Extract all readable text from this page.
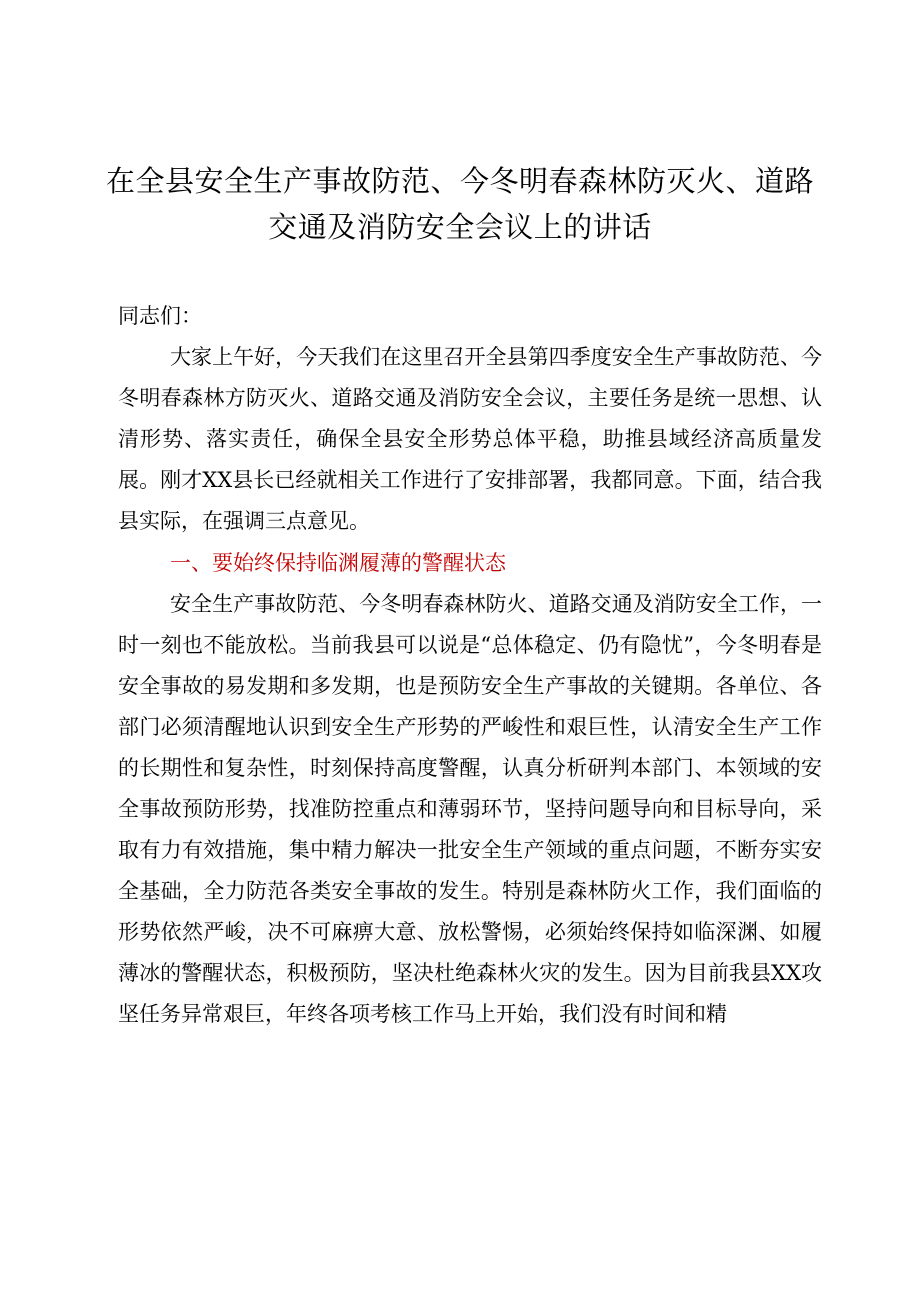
在全县安全生产事故防范、今冬明春森林防灭火、道路交通及消防安全会议上的讲话

同志们：

大家上午好，今天我们在这里召开全县第四季度安全生产事故防范、今冬明春森林方防灭火、道路交通及消防安全会议，主要任务是统一思想、认清形势、落实责任，确保全县安全形势总体平稳，助推县域经济高质量发展。刚才XX县长已经就相关工作进行了安排部署，我都同意。下面，结合我县实际，在强调三点意见。

一、要始终保持临渊履薄的警醒状态

安全生产事故防范、今冬明春森林防火、道路交通及消防安全工作，一时一刻也不能放松。当前我县可以说是“总体稳定、仍有隐忧”，今冬明春是安全事故的易发期和多发期，也是预防安全生产事故的关键期。各单位、各部门必须清醒地认识到安全生产形势的严峻性和艰巨性，认清安全生产工作的长期性和复杂性，时刻保持高度警醒，认真分析研判本部门、本领域的安全事故预防形势，找准防控重点和薄弱环节，坚持问题导向和目标导向，采取有力有效措施，集中精力解决一批安全生产领域的重点问题，不断夯实安全基础，全力防范各类安全事故的发生。特别是森林防火工作，我们面临的形势依然严峻，决不可麻痹大意、放松警惕，必须始终保持如临深渊、如履薄冰的警醒状态，积极预防，坚决杜绝森林火灾的发生。因为目前我县XX攻坚任务异常艰巨，年终各项考核工作马上开始，我们没有时间和精
